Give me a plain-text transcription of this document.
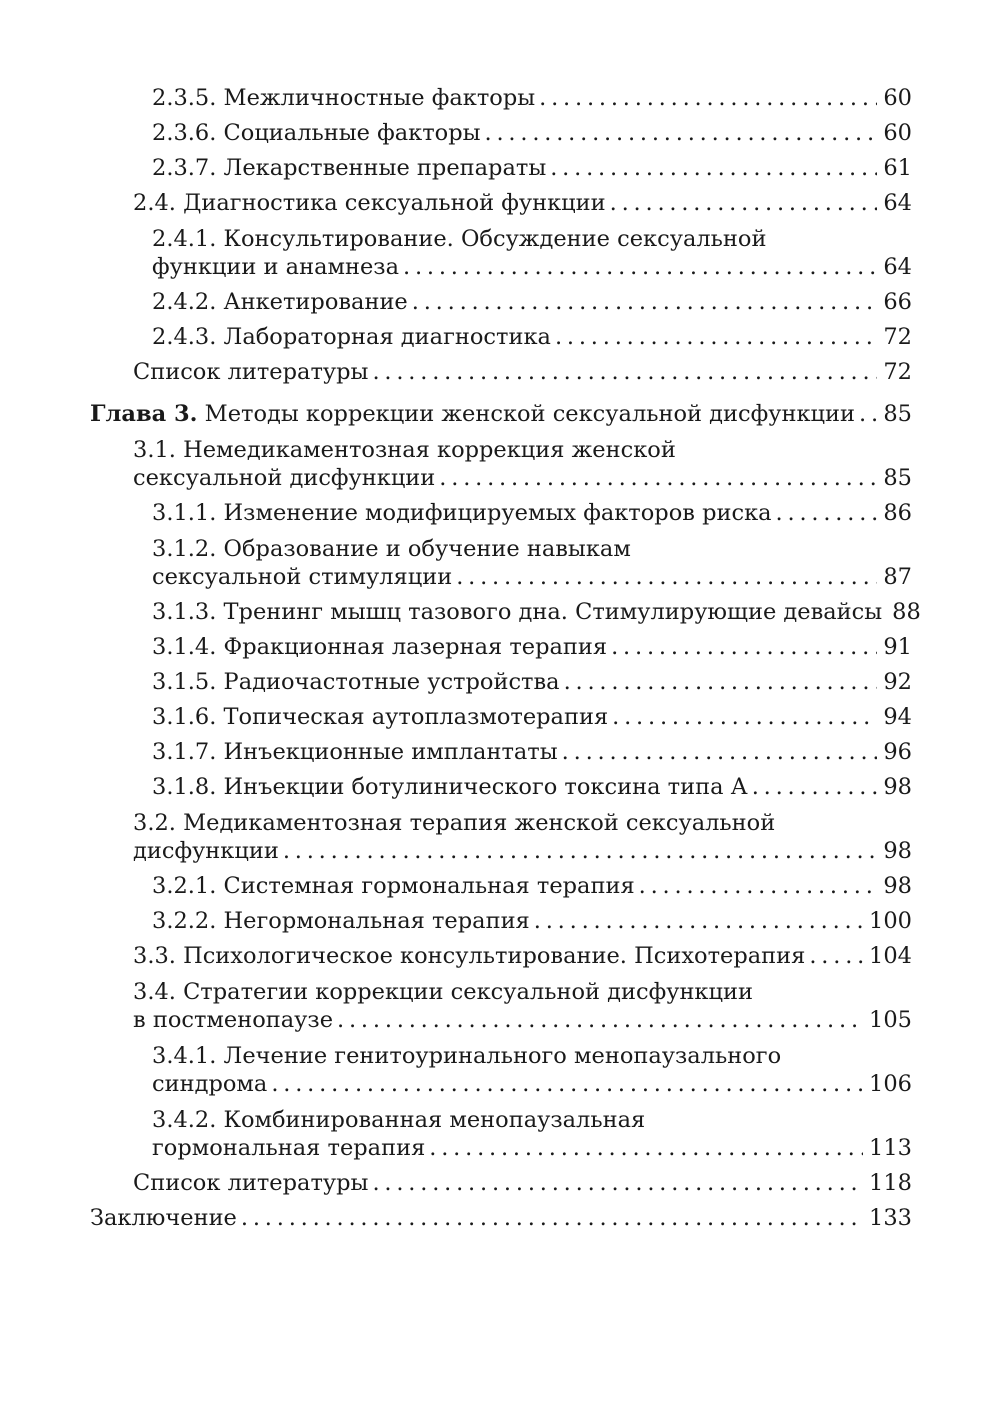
2.3.5. Межличностные факторы .....	60
2.3.6. Социальные факторы .....	60
2.3.7. Лекарственные препараты .....	61
2.4. Диагностика сексуальной функции .....	64
2.4.1. Консультирование. Обсуждение сексуальной
функции и анамнеза .....	64
2.4.2. Анкетирование .....	66
2.4.3. Лабораторная диагностика .....	72
Список литературы .....	72
Глава 3. Методы коррекции женской сексуальной дисфункции ..... 85
3.1. Немедикаментозная коррекция женской
сексуальной дисфункции .....	85
3.1.1. Изменение модифицируемых факторов риска .....	86
3.1.2. Образование и обучение навыкам
сексуальной стимуляции .....	87
3.1.3. Тренинг мышц тазового дна. Стимулирующие девайсы 88
3.1.4. Фракционная лазерная терапия .....	91
3.1.5. Радиочастотные устройства .....	92
3.1.6. Топическая аутоплазмотерапия .....	94
3.1.7. Инъекционные имплантаты .....	96
3.1.8. Инъекции ботулинического токсина типа А .....	98
3.2. Медикаментозная терапия женской сексуальной
дисфункции .....	98
3.2.1. Системная гормональная терапия .....	98
3.2.2. Негормональная терапия .....	100
3.3. Психологическое консультирование. Психотерапия .....	104
3.4. Стратегии коррекции сексуальной дисфункции
в постменопаузе .....	105
3.4.1. Лечение генитоуринального менопаузального
синдрома .....	106
3.4.2. Комбинированная менопаузальная
гормональная терапия .....	113
Список литературы .....	118
Заключение .....	133
